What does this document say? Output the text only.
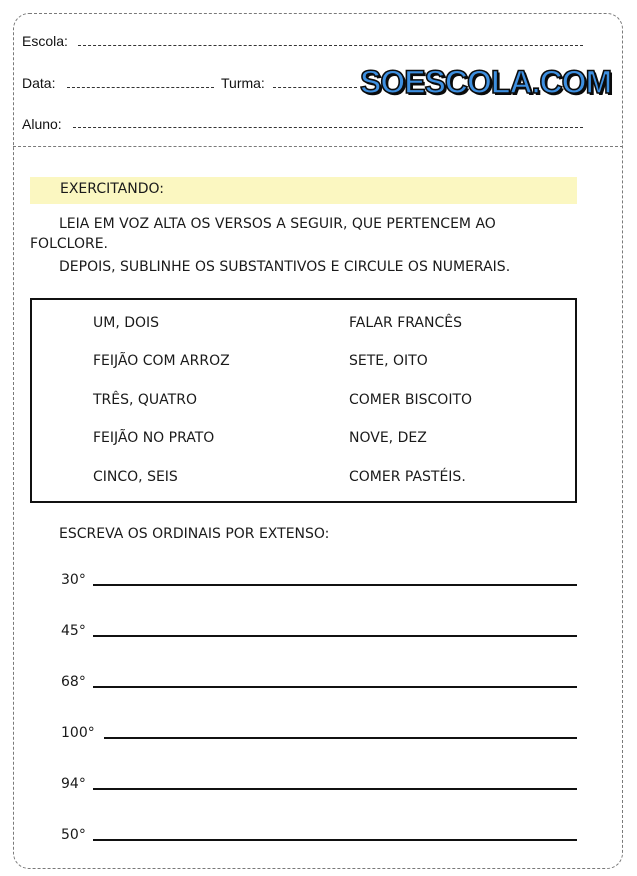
Escola:
Data:	Turma:	SOESCOLA.COM
Aluno:
EXERCITANDO:
LEIA EM VOZ ALTA OS VERSOS A SEGUIR, QUE PERTENCEM AO
FOLCLORE.
DEPOIS, SUBLINHE OS SUBSTANTIVOS E CIRCULE OS NUMERAIS.
UM, DOIS
FEIJÃO COM ARROZ
TRÊS, QUATRO
FEIJÃO NO PRATO
CINCO, SEIS
FALAR FRANCÊS
SETE, OITO
COMER BISCOITO
NOVE, DEZ
COMER PASTÉIS.
ESCREVA OS ORDINAIS POR EXTENSO:
30°
45°
68°
100°
94°
50°
